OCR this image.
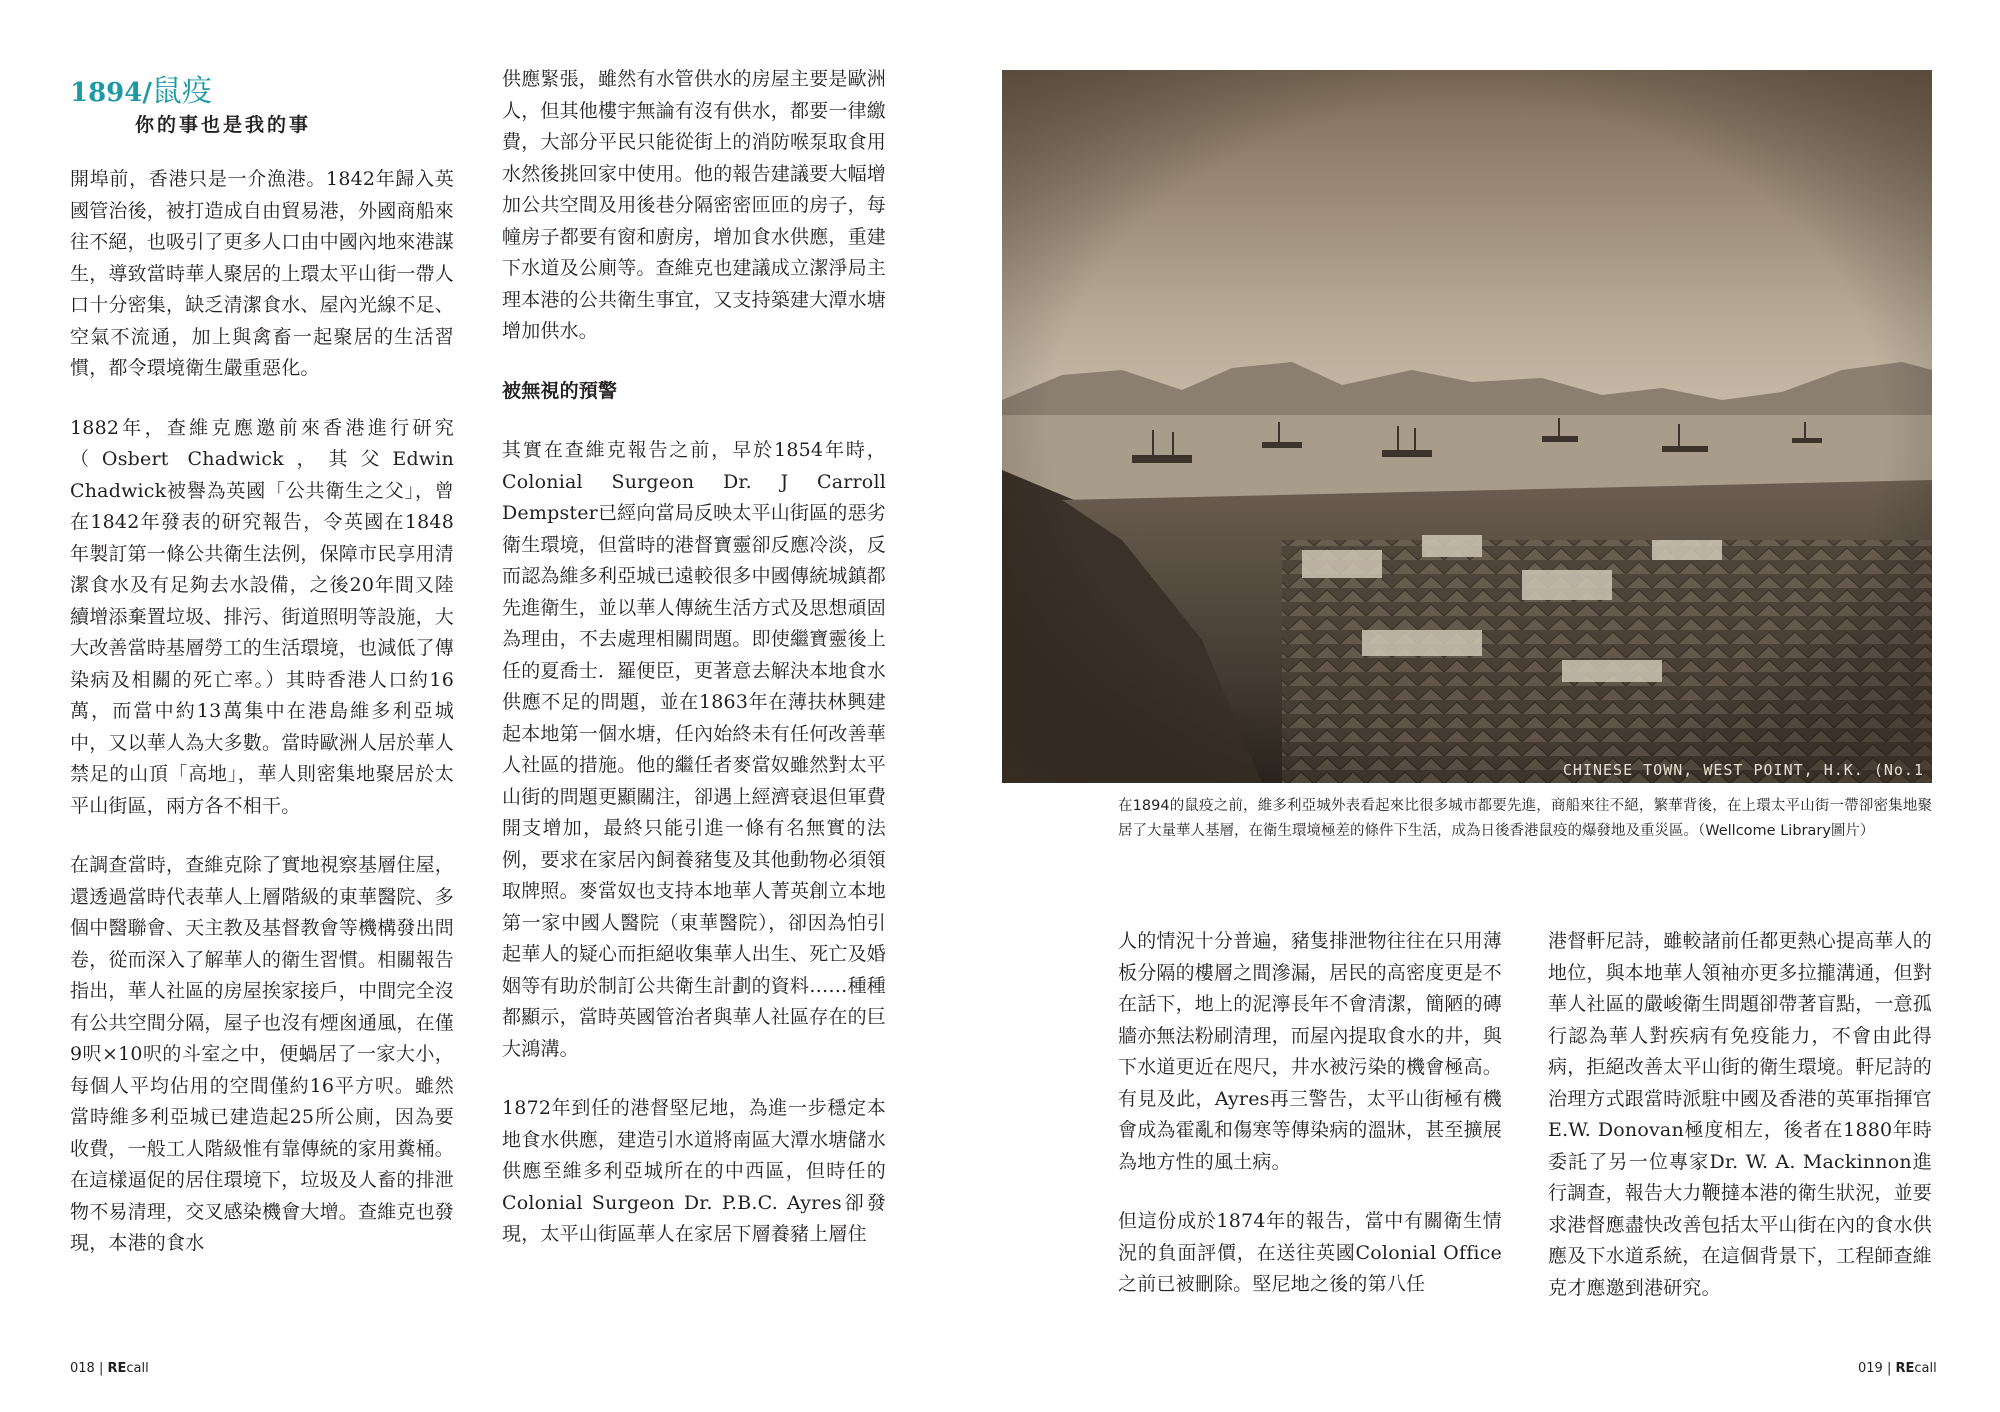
1894/鼠疫
你的事也是我的事

開埠前，香港只是一介漁港。1842年歸入英國管治後，被打造成自由貿易港，外國商船來往不絕，也吸引了更多人口由中國內地來港謀生，導致當時華人聚居的上環太平山街一帶人口十分密集，缺乏清潔食水、屋內光線不足、空氣不流通，加上與禽畜一起聚居的生活習慣，都令環境衛生嚴重惡化。

1882年，查維克應邀前來香港進行研究（Osbert Chadwick，其父Edwin Chadwick被譽為英國「公共衛生之父」，曾在1842年發表的研究報告，令英國在1848年製訂第一條公共衛生法例，保障市民享用清潔食水及有足夠去水設備，之後20年間又陸續增添棄置垃圾、排污、街道照明等設施，大大改善當時基層勞工的生活環境，也減低了傳染病及相關的死亡率。）其時香港人口約16萬，而當中約13萬集中在港島維多利亞城中，又以華人為大多數。當時歐洲人居於華人禁足的山頂「高地」，華人則密集地聚居於太平山街區，兩方各不相干。

在調查當時，查維克除了實地視察基層住屋，還透過當時代表華人上層階級的東華醫院、多個中醫聯會、天主教及基督教會等機構發出問卷，從而深入了解華人的衛生習慣。相關報告指出，華人社區的房屋挨家接戶，中間完全沒有公共空間分隔，屋子也沒有煙囪通風，在僅9呎×10呎的斗室之中，便蝸居了一家大小，每個人平均佔用的空間僅約16平方呎。雖然當時維多利亞城已建造起25所公廁，因為要收費，一般工人階級惟有靠傳統的家用糞桶。在這樣逼促的居住環境下，垃圾及人畜的排泄物不易清理，交叉感染機會大增。查維克也發現，本港的食水

供應緊張，雖然有水管供水的房屋主要是歐洲人，但其他樓宇無論有沒有供水，都要一律繳費，大部分平民只能從街上的消防喉泵取食用水然後挑回家中使用。他的報告建議要大幅增加公共空間及用後巷分隔密密匝匝的房子，每幢房子都要有窗和廚房，增加食水供應，重建下水道及公廁等。查維克也建議成立潔淨局主理本港的公共衛生事宜，又支持築建大潭水塘增加供水。

被無視的預警

其實在查維克報告之前，早於1854年時，Colonial Surgeon Dr. J Carroll Dempster已經向當局反映太平山街區的惡劣衛生環境，但當時的港督寶靈卻反應冷淡，反而認為維多利亞城已遠較很多中國傳統城鎮都先進衛生，並以華人傳統生活方式及思想頑固為理由，不去處理相關問題。即使繼寶靈後上任的夏喬士．羅便臣，更著意去解決本地食水供應不足的問題，並在1863年在薄扶林興建起本地第一個水塘，任內始終未有任何改善華人社區的措施。他的繼任者麥當奴雖然對太平山街的問題更顯關注，卻遇上經濟衰退但軍費開支增加，最終只能引進一條有名無實的法例，要求在家居內飼養豬隻及其他動物必須領取牌照。麥當奴也支持本地華人菁英創立本地第一家中國人醫院（東華醫院），卻因為怕引起華人的疑心而拒絕收集華人出生、死亡及婚姻等有助於制訂公共衛生計劃的資料……種種都顯示，當時英國管治者與華人社區存在的巨大鴻溝。

1872年到任的港督堅尼地，為進一步穩定本地食水供應，建造引水道將南區大潭水塘儲水供應至維多利亞城所在的中西區，但時任的Colonial Surgeon Dr. P.B.C. Ayres卻發現，太平山街區華人在家居下層養豬上層住

CHINESE TOWN, WEST POINT, H.K. (No.1
在1894的鼠疫之前，維多利亞城外表看起來比很多城市都要先進，商船來往不絕，繁華背後，在上環太平山街一帶卻密集地聚居了大量華人基層，在衛生環境極差的條件下生活，成為日後香港鼠疫的爆發地及重災區。（Wellcome Library圖片）

人的情況十分普遍，豬隻排泄物往往在只用薄板分隔的樓層之間滲漏，居民的高密度更是不在話下，地上的泥濘長年不會清潔，簡陋的磚牆亦無法粉刷清理，而屋內提取食水的井，與下水道更近在咫尺，井水被污染的機會極高。有見及此，Ayres再三警告，太平山街極有機會成為霍亂和傷寒等傳染病的溫牀，甚至擴展為地方性的風土病。

但這份成於1874年的報告，當中有關衛生情況的負面評價，在送往英國Colonial Office之前已被刪除。堅尼地之後的第八任

港督軒尼詩，雖較諸前任都更熱心提高華人的地位，與本地華人領袖亦更多拉攏溝通，但對華人社區的嚴峻衛生問題卻帶著盲點，一意孤行認為華人對疾病有免疫能力，不會由此得病，拒絕改善太平山街的衛生環境。軒尼詩的治理方式跟當時派駐中國及香港的英軍指揮官E.W. Donovan極度相左，後者在1880年時委託了另一位專家Dr. W. A. Mackinnon進行調查，報告大力鞭撻本港的衛生狀況，並要求港督應盡快改善包括太平山街在內的食水供應及下水道系統，在這個背景下，工程師查維克才應邀到港研究。

018 | REcall	019 | REcall
